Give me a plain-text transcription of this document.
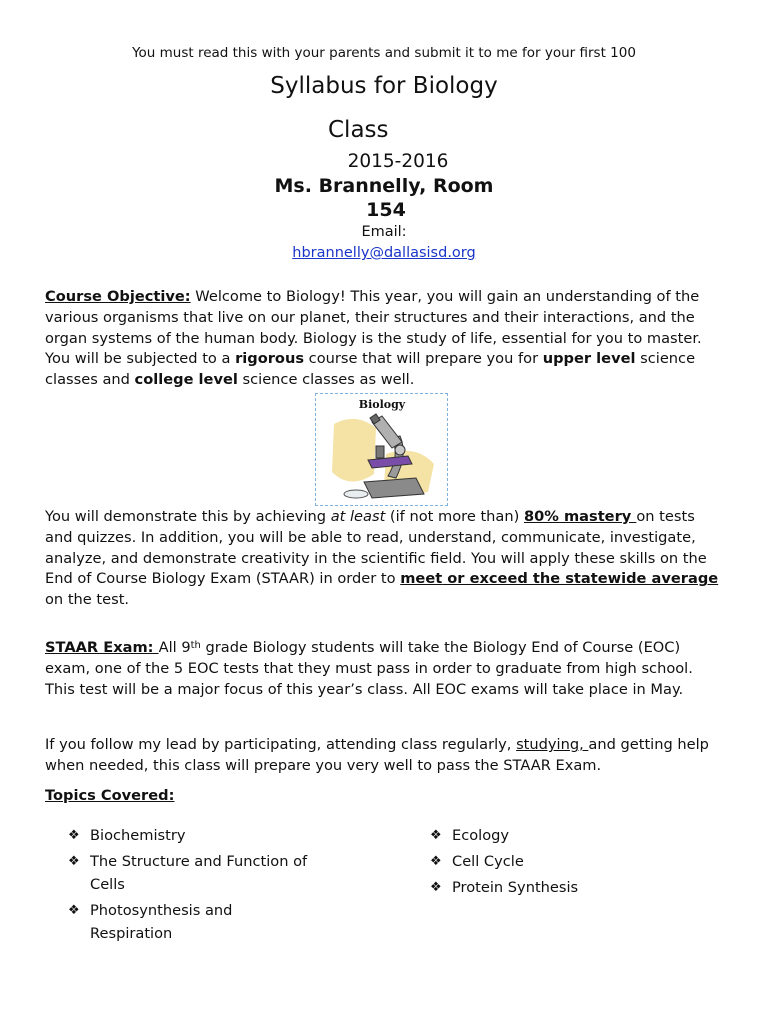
You must read this with your parents and submit it to me for your first 100
Syllabus for Biology
Class
2015-2016
Ms. Brannelly, Room
154
Email:
hbrannelly@dallasisd.org
Course Objective: Welcome to Biology! This year, you will gain an understanding of the various organisms that live on our planet, their structures and their interactions, and the organ systems of the human body. Biology is the study of life, essential for you to master. You will be subjected to a rigorous course that will prepare you for upper level science classes and college level science classes as well.
Biology
You will demonstrate this by achieving at least (if not more than) 80% mastery on tests and quizzes. In addition, you will be able to read, understand, communicate, investigate, analyze, and demonstrate creativity in the scientific field. You will apply these skills on the End of Course Biology Exam (STAAR) in order to meet or exceed the statewide average on the test.
STAAR Exam: All 9th grade Biology students will take the Biology End of Course (EOC) exam, one of the 5 EOC tests that they must pass in order to graduate from high school. This test will be a major focus of this year’s class. All EOC exams will take place in May.
If you follow my lead by participating, attending class regularly, studying, and getting help when needed, this class will prepare you very well to pass the STAAR Exam.
Topics Covered:
❖ Biochemistry
❖ The Structure and Function of Cells
❖ Photosynthesis and Respiration
❖ Ecology
❖ Cell Cycle
❖ Protein Synthesis
